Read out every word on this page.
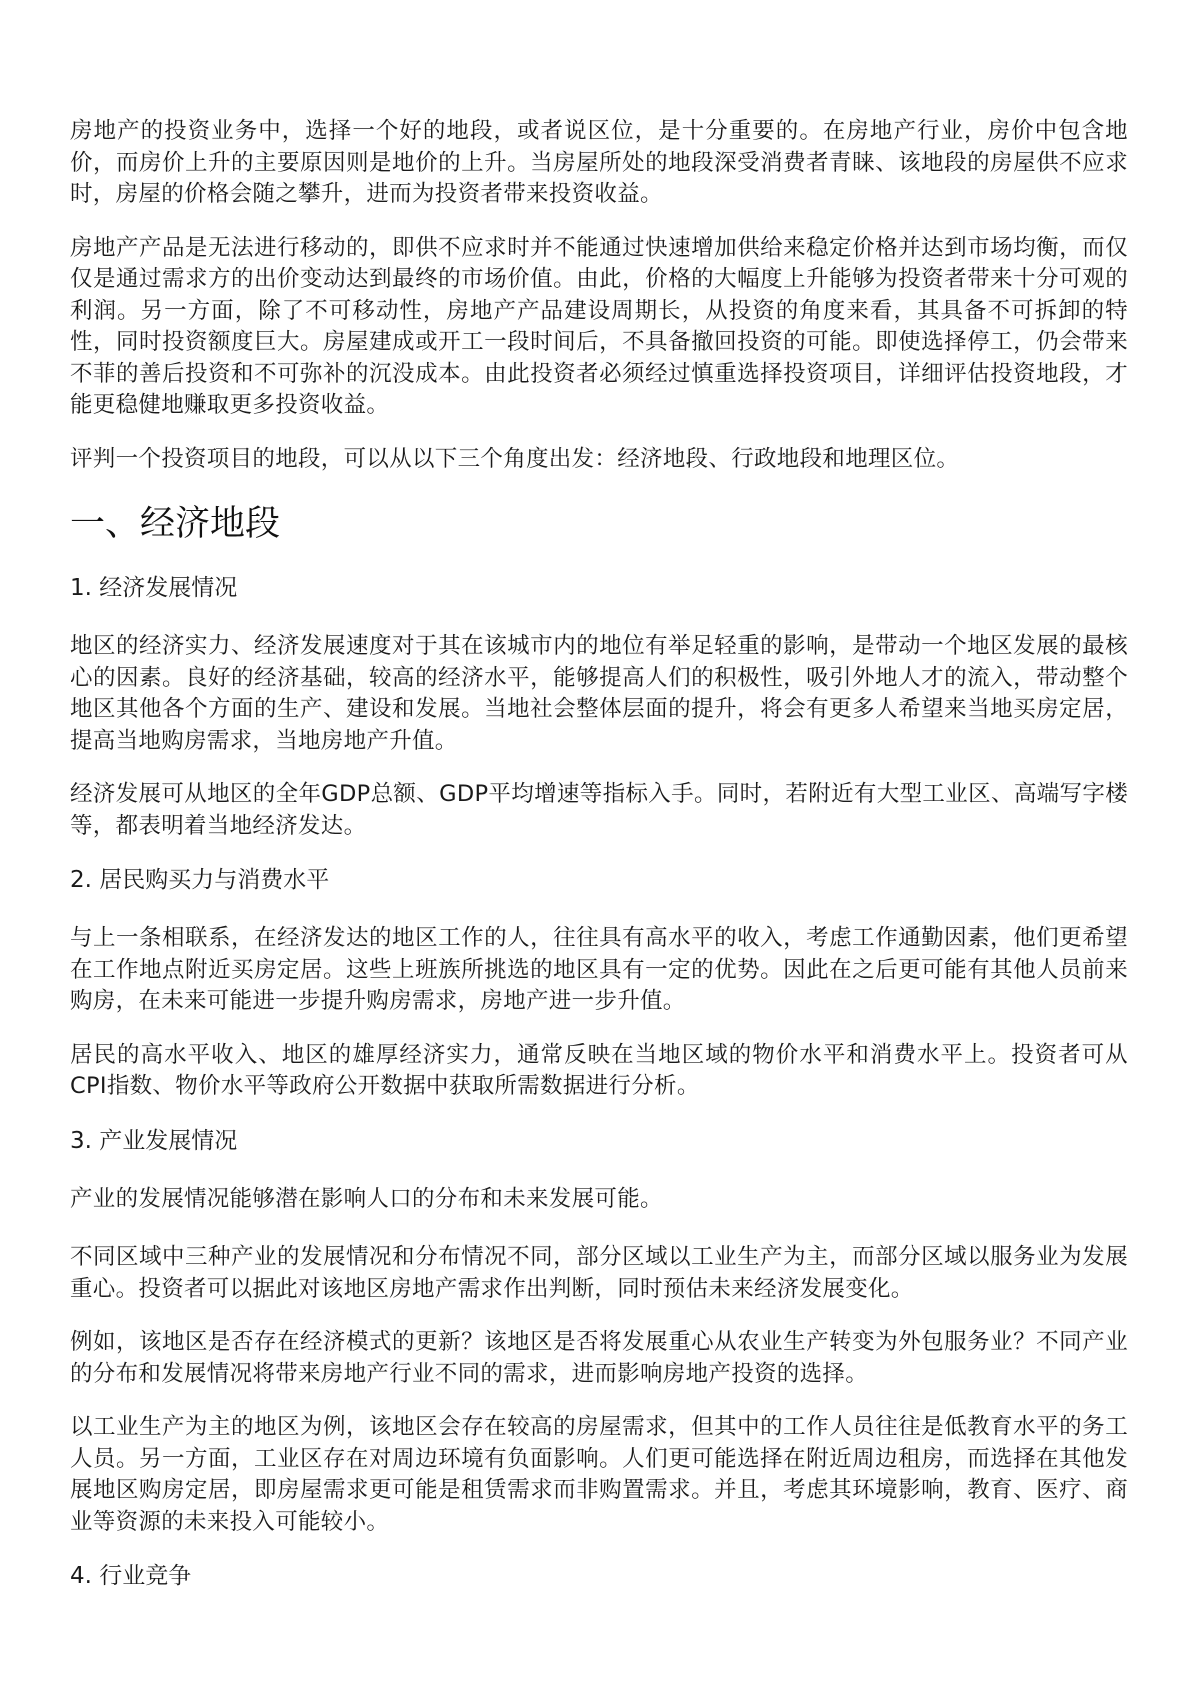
房地产的投资业务中，选择一个好的地段，或者说区位，是十分重要的。在房地产行业，房价中包含地价，而房价上升的主要原因则是地价的上升。当房屋所处的地段深受消费者青睐、该地段的房屋供不应求时，房屋的价格会随之攀升，进而为投资者带来投资收益。

房地产产品是无法进行移动的，即供不应求时并不能通过快速增加供给来稳定价格并达到市场均衡，而仅仅是通过需求方的出价变动达到最终的市场价值。由此，价格的大幅度上升能够为投资者带来十分可观的利润。另一方面，除了不可移动性，房地产产品建设周期长，从投资的角度来看，其具备不可拆卸的特性，同时投资额度巨大。房屋建成或开工一段时间后，不具备撤回投资的可能。即使选择停工，仍会带来不菲的善后投资和不可弥补的沉没成本。由此投资者必须经过慎重选择投资项目，详细评估投资地段，才能更稳健地赚取更多投资收益。

评判一个投资项目的地段，可以从以下三个角度出发：经济地段、行政地段和地理区位。

一、经济地段
1. 经济发展情况

地区的经济实力、经济发展速度对于其在该城市内的地位有举足轻重的影响，是带动一个地区发展的最核心的因素。良好的经济基础，较高的经济水平，能够提高人们的积极性，吸引外地人才的流入，带动整个地区其他各个方面的生产、建设和发展。当地社会整体层面的提升，将会有更多人希望来当地买房定居，提高当地购房需求，当地房地产升值。

经济发展可从地区的全年GDP总额、GDP平均增速等指标入手。同时，若附近有大型工业区、高端写字楼等，都表明着当地经济发达。

2. 居民购买力与消费水平

与上一条相联系，在经济发达的地区工作的人，往往具有高水平的收入，考虑工作通勤因素，他们更希望在工作地点附近买房定居。这些上班族所挑选的地区具有一定的优势。因此在之后更可能有其他人员前来购房，在未来可能进一步提升购房需求，房地产进一步升值。

居民的高水平收入、地区的雄厚经济实力，通常反映在当地区域的物价水平和消费水平上。投资者可从CPI指数、物价水平等政府公开数据中获取所需数据进行分析。

3. 产业发展情况

产业的发展情况能够潜在影响人口的分布和未来发展可能。

不同区域中三种产业的发展情况和分布情况不同，部分区域以工业生产为主，而部分区域以服务业为发展重心。投资者可以据此对该地区房地产需求作出判断，同时预估未来经济发展变化。

例如，该地区是否存在经济模式的更新？该地区是否将发展重心从农业生产转变为外包服务业？不同产业的分布和发展情况将带来房地产行业不同的需求，进而影响房地产投资的选择。

以工业生产为主的地区为例，该地区会存在较高的房屋需求，但其中的工作人员往往是低教育水平的务工人员。另一方面，工业区存在对周边环境有负面影响。人们更可能选择在附近周边租房，而选择在其他发展地区购房定居，即房屋需求更可能是租赁需求而非购置需求。并且，考虑其环境影响，教育、医疗、商业等资源的未来投入可能较小。

4. 行业竞争
